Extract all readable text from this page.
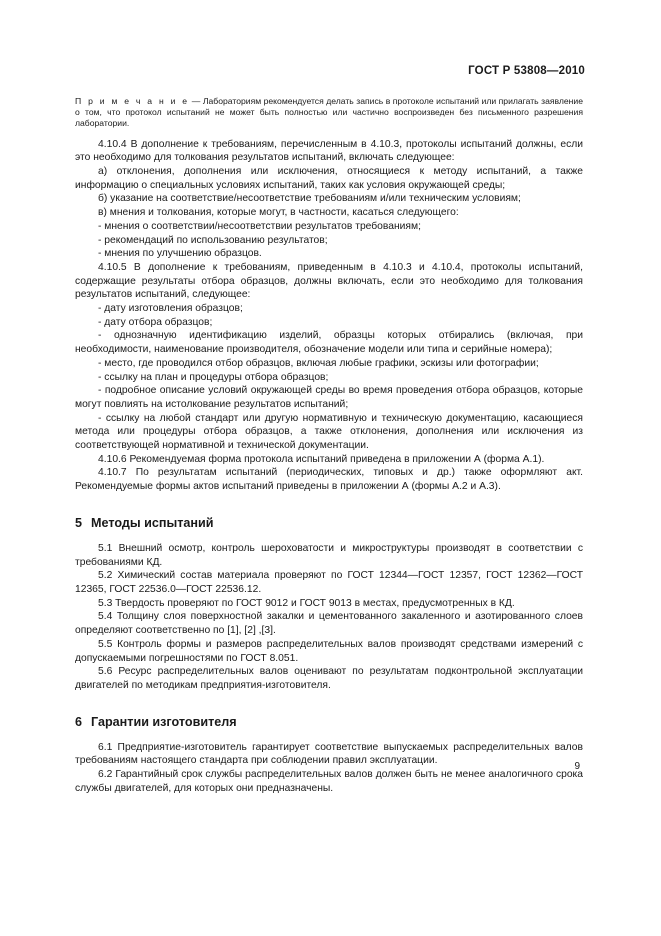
ГОСТ Р 53808—2010

П р и м е ч а н и е — Лабораториям рекомендуется делать запись в протоколе испытаний или прилагать заявление о том, что протокол испытаний не может быть полностью или частично воспроизведен без письменного разрешения лаборатории.

4.10.4 В дополнение к требованиям, перечисленным в 4.10.3, протоколы испытаний должны, если это необходимо для толкования результатов испытаний, включать следующее:

а) отклонения, дополнения или исключения, относящиеся к методу испытаний, а также информацию о специальных условиях испытаний, таких как условия окружающей среды;

б) указание на соответствие/несоответствие требованиям и/или техническим условиям;

в) мнения и толкования, которые могут, в частности, касаться следующего:

- мнения о соответствии/несоответствии результатов требованиям;

- рекомендаций по использованию результатов;

- мнения по улучшению образцов.

4.10.5 В дополнение к требованиям, приведенным в 4.10.3 и 4.10.4, протоколы испытаний, содержащие результаты отбора образцов, должны включать, если это необходимо для толкования результатов испытаний, следующее:

- дату изготовления образцов;

- дату отбора образцов;

- однозначную идентификацию изделий, образцы которых отбирались (включая, при необходимости, наименование производителя, обозначение модели или типа и серийные номера);

- место, где проводился отбор образцов, включая любые графики, эскизы или фотографии;

- ссылку на план и процедуры отбора образцов;

- подробное описание условий окружающей среды во время проведения отбора образцов, которые могут повлиять на истолкование результатов испытаний;

- ссылку на любой стандарт или другую нормативную и техническую документацию, касающиеся метода или процедуры отбора образцов, а также отклонения, дополнения или исключения из соответствующей нормативной и технической документации.

4.10.6 Рекомендуемая форма протокола испытаний приведена в приложении А (форма А.1).

4.10.7 По результатам испытаний (периодических, типовых и др.) также оформляют акт. Рекомендуемые формы актов испытаний приведены в приложении А (формы А.2 и А.3).

5 Методы испытаний

5.1 Внешний осмотр, контроль шероховатости и микроструктуры производят в соответствии с требованиями КД.

5.2 Химический состав материала проверяют по ГОСТ 12344—ГОСТ 12357, ГОСТ 12362—ГОСТ 12365, ГОСТ 22536.0—ГОСТ 22536.12.

5.3 Твердость проверяют по ГОСТ 9012 и ГОСТ 9013 в местах, предусмотренных в КД.

5.4 Толщину слоя поверхностной закалки и цементованного закаленного и азотированного слоев определяют соответственно по [1], [2] ,[3].

5.5 Контроль формы и размеров распределительных валов производят средствами измерений с допускаемыми погрешностями по ГОСТ 8.051.

5.6 Ресурс распределительных валов оценивают по результатам подконтрольной эксплуатации двигателей по методикам предприятия-изготовителя.

6 Гарантии изготовителя

6.1 Предприятие-изготовитель гарантирует соответствие выпускаемых распределительных валов требованиям настоящего стандарта при соблюдении правил эксплуатации.

6.2 Гарантийный срок службы распределительных валов должен быть не менее аналогичного срока службы двигателей, для которых они предназначены.

9
